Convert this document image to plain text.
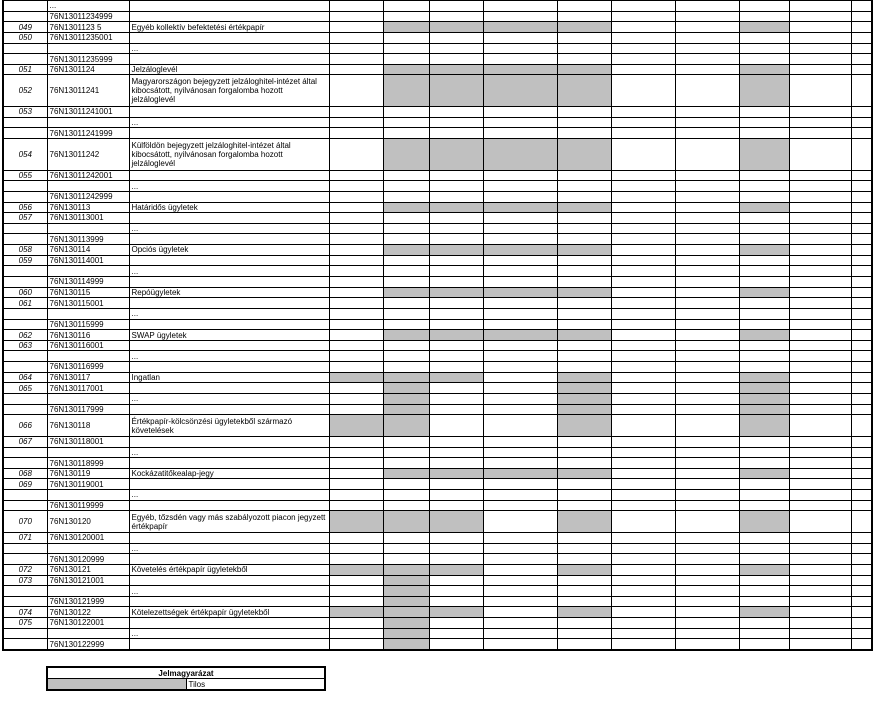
	...											
	76N13011234999											
049	76N1301123 5	Egyéb kollektív befektetési értékpapír										
050	76N13011235001											
		...										
	76N13011235999											
051	76N1301124	Jelzáloglevél										
052	76N13011241	Magyarországon bejegyzett jelzáloghitel-intézet által kibocsátott, nyilvánosan forgalomba hozott jelzáloglevél										
053	76N13011241001											
		...										
	76N13011241999											
054	76N13011242	Külföldön bejegyzett jelzáloghitel-intézet által kibocsátott, nyilvánosan forgalomba hozott jelzáloglevél										
055	76N13011242001											
		...										
	76N13011242999											
056	76N130113	Határidős ügyletek										
057	76N130113001											
		...										
	76N130113999											
058	76N130114	Opciós ügyletek										
059	76N130114001											
		...										
	76N130114999											
060	76N130115	Repóügyletek										
061	76N130115001											
		...										
	76N130115999											
062	76N130116	SWAP ügyletek										
063	76N130116001											
		...										
	76N130116999											
064	76N130117	Ingatlan										
065	76N130117001											
		...										
	76N130117999											
066	76N130118	Értékpapír-kölcsönzési ügyletekből származó követelések										
067	76N130118001											
		...										
	76N130118999											
068	76N130119	Kockázatitőkealap-jegy										
069	76N130119001											
		...										
	76N130119999											
070	76N130120	Egyéb, tőzsdén vagy más szabályozott piacon jegyzett értékpapír										
071	76N130120001											
		...										
	76N130120999											
072	76N130121	Követelés értékpapír ügyletekből										
073	76N130121001											
		...										
	76N130121999											
074	76N130122	Kötelezettségek értékpapír ügyletekből										
075	76N130122001											
		...										
	76N130122999											
Jelmagyarázat
	Tilos
